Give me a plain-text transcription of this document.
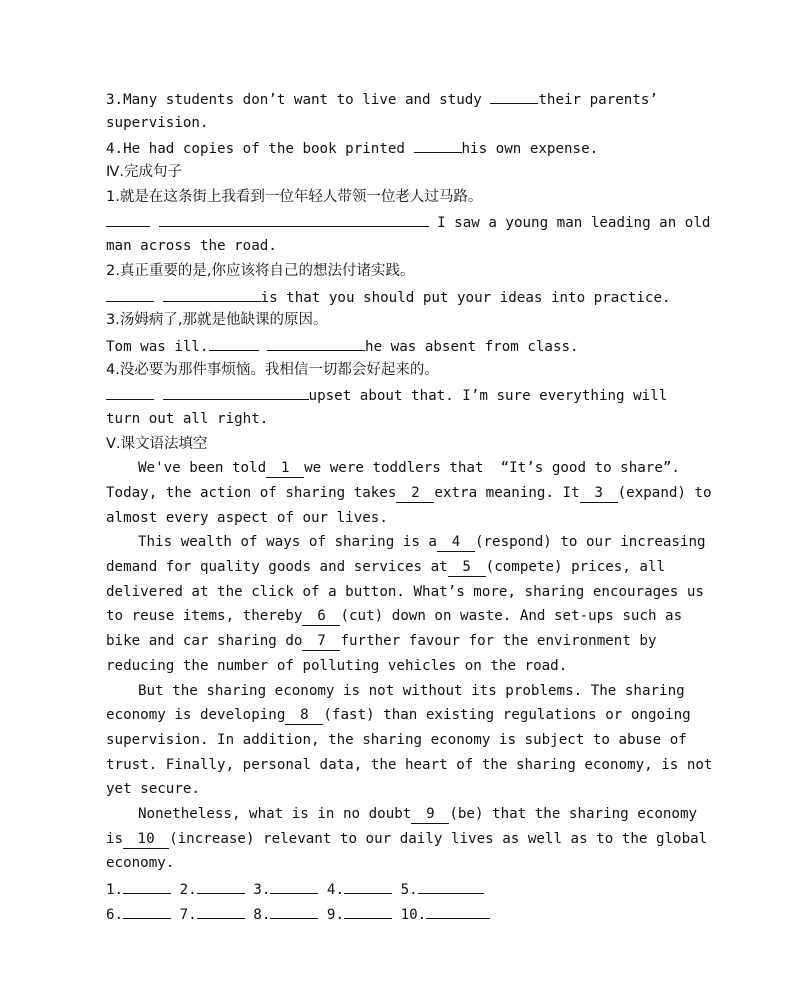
3.Many students don’t want to live and study	their parents’
supervision.
4.He had copies of the book printed	his own expense.
Ⅳ.完成句子
1.就是在这条街上我看到一位年轻人带领一位老人过马路。
I saw a young man leading an old
man across the road.
2.真正重要的是,你应该将自己的想法付诸实践。
is that you should put your ideas into practice.
3.汤姆病了,那就是他缺课的原因。
Tom was ill.	he was absent from class.
4.没必要为那件事烦恼。我相信一切都会好起来的。
upset about that. I’m sure everything will
turn out all right.
Ⅴ.课文语法填空
We've been told 1 we were toddlers that  “It’s good to share”.
Today, the action of sharing takes 2 extra meaning. It 3 (expand) to
almost every aspect of our lives.
This wealth of ways of sharing is a 4 (respond) to our increasing
demand for quality goods and services at 5 (compete) prices, all
delivered at the click of a button. What’s more, sharing encourages us
to reuse items, thereby 6 (cut) down on waste. And set-ups such as
bike and car sharing do 7 further favour for the environment by
reducing the number of polluting vehicles on the road.
But the sharing economy is not without its problems. The sharing
economy is developing 8 (fast) than existing regulations or ongoing
supervision. In addition, the sharing economy is subject to abuse of
trust. Finally, personal data, the heart of the sharing economy, is not
yet secure.
Nonetheless, what is in no doubt 9 (be) that the sharing economy
is 10 (increase) relevant to our daily lives as well as to the global
economy.
1.	2.	3.	4.	5.
6.	7.	8.	9.	10.
